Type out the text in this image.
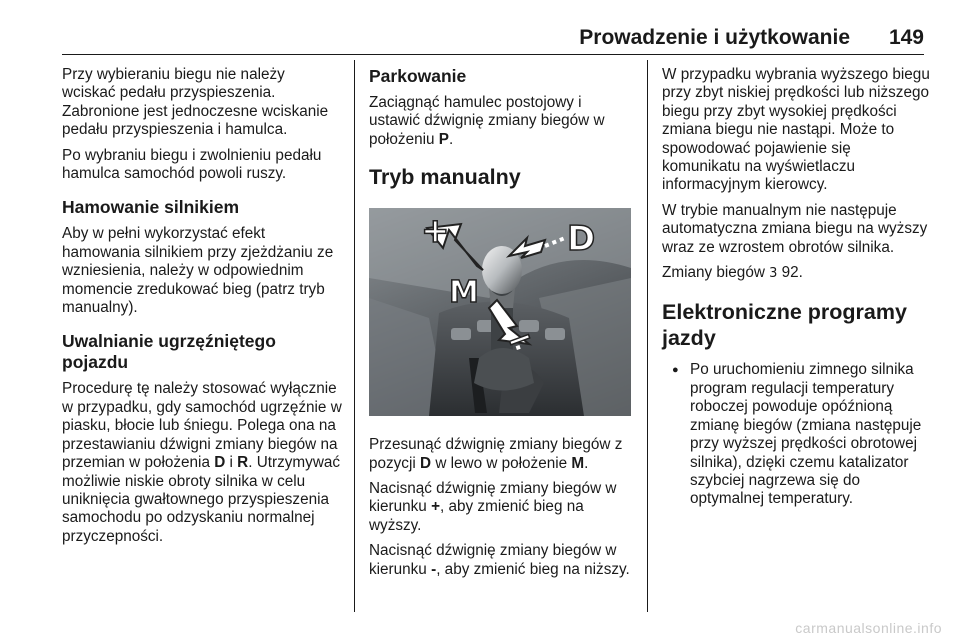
Prowadzenie i użytkowanie 149

Przy wybieraniu biegu nie należy wciskać pedału przyspieszenia. Zabronione jest jednoczesne wciskanie pedału przyspieszenia i hamulca.

Po wybraniu biegu i zwolnieniu pedału hamulca samochód powoli ruszy.

Hamowanie silnikiem

Aby w pełni wykorzystać efekt hamowania silnikiem przy zjeżdżaniu ze wzniesienia, należy w odpowiednim momencie zredukować bieg (patrz tryb manualny).

Uwalnianie ugrzęźniętego pojazdu

Procedurę tę należy stosować wyłącznie w przypadku, gdy samochód ugrzęźnie w piasku, błocie lub śniegu. Polega ona na przestawianiu dźwigni zmiany biegów na przemian w położenia D i R. Utrzymywać możliwie niskie obroty silnika w celu uniknięcia gwałtownego przyspieszenia samochodu po odzyskaniu normalnej przyczepności.

Parkowanie

Zaciągnąć hamulec postojowy i ustawić dźwignię zmiany biegów w położeniu P.

Tryb manualny
+	D
M
−

Przesunąć dźwignię zmiany biegów z pozycji D w lewo w położenie M.

Nacisnąć dźwignię zmiany biegów w kierunku +, aby zmienić bieg na wyższy.

Nacisnąć dźwignię zmiany biegów w kierunku -, aby zmienić bieg na niższy.

W przypadku wybrania wyższego biegu przy zbyt niskiej prędkości lub niższego biegu przy zbyt wysokiej prędkości zmiana biegu nie nastąpi. Może to spowodować pojawienie się komunikatu na wyświetlaczu informacyjnym kierowcy.

W trybie manualnym nie następuje automatyczna zmiana biegu na wyższy wraz ze wzrostem obrotów silnika.

Zmiany biegów 3 92.

Elektroniczne programy jazdy
● Po uruchomieniu zimnego silnika program regulacji temperatury roboczej powoduje opóźnioną zmianę biegów (zmiana następuje przy wyższej prędkości obrotowej silnika), dzięki czemu katalizator szybciej nagrzewa się do optymalnej temperatury.
carmanualsonline.info
